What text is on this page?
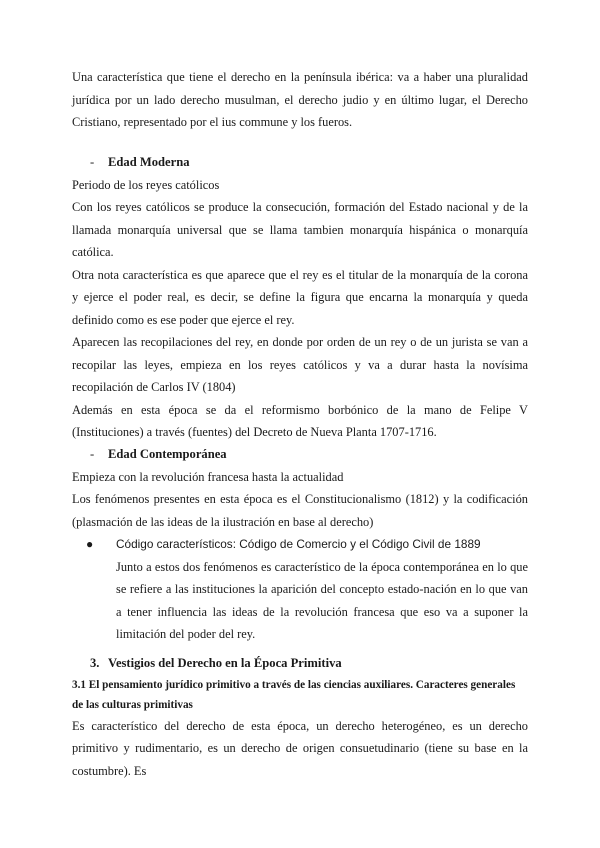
Una característica que tiene el derecho en la península ibérica: va a haber una pluralidad jurídica por un lado derecho musulman, el derecho judio y en último lugar, el Derecho Cristiano, representado por el ius commune y los fueros.

-	Edad Moderna

Periodo de los reyes católicos

Con los reyes católicos se produce la consecución, formación del Estado nacional y de la llamada monarquía universal que se llama tambien monarquía hispánica o monarquía católica.

Otra nota característica es que aparece que el rey es el titular de la monarquía de la corona y ejerce el poder real, es decir, se define la figura que encarna la monarquía y queda definido como es ese poder que ejerce el rey.

Aparecen las recopilaciones del rey, en donde por orden de un rey o de un jurista se van a recopilar las leyes, empieza en los reyes católicos y va a durar hasta la novísima recopilación de Carlos IV (1804)

Además en esta época se da el reformismo borbónico de la mano de Felipe V (Instituciones) a través (fuentes) del Decreto de Nueva Planta 1707-1716.

-	Edad Contemporánea

Empieza con la revolución francesa hasta la actualidad

Los fenómenos presentes en esta época es el Constitucionalismo (1812) y la codificación (plasmación de las ideas de la ilustración en base al derecho)

●	Código característicos: Código de Comercio y el Código Civil de 1889

Junto a estos dos fenómenos es característico de la época contemporánea en lo que se refiere a las instituciones la aparición del concepto estado-nación en lo que van a tener influencia las ideas de la revolución francesa que eso va a suponer la limitación del poder del rey.

3. Vestigios del Derecho en la Época Primitiva

3.1 El pensamiento jurídico primitivo a través de las ciencias auxiliares. Caracteres generales de las culturas primitivas

Es característico del derecho de esta época, un derecho heterogéneo, es un derecho primitivo y rudimentario, es un derecho de origen consuetudinario (tiene su base en la costumbre). Es
